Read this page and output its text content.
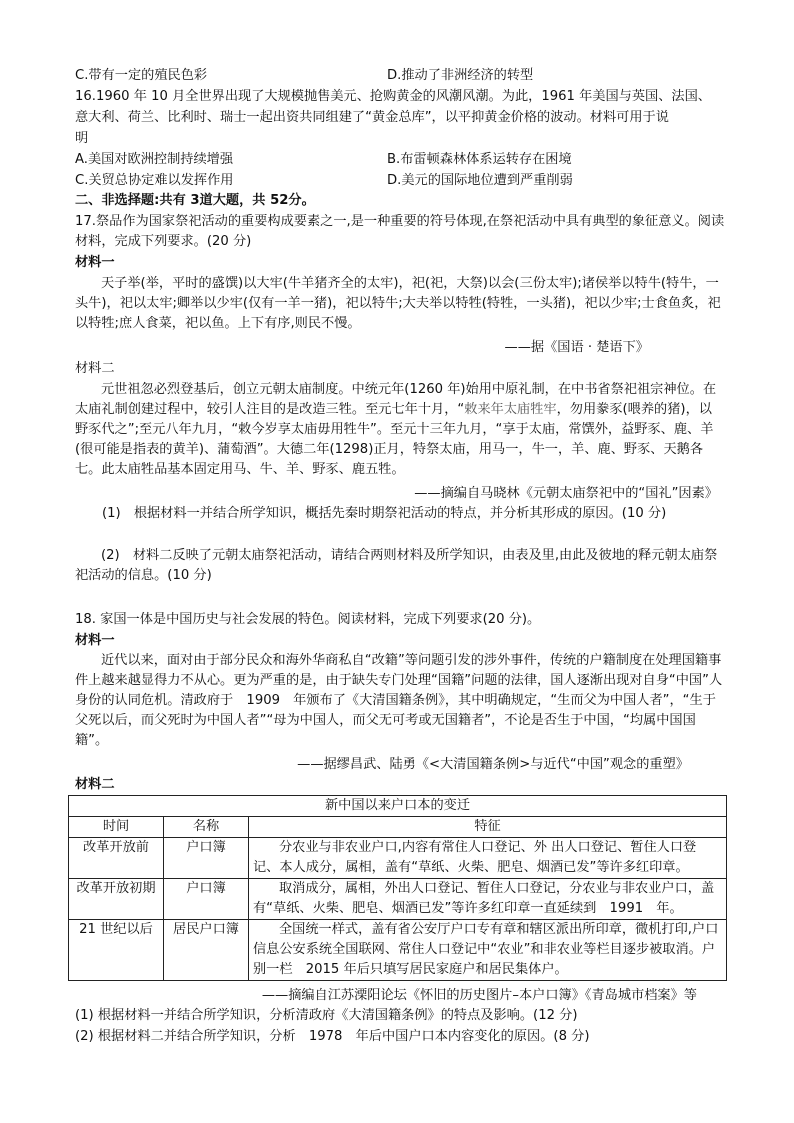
C.带有一定的殖民色彩	D.推动了非洲经济的转型
16.1960 年 10 月全世界出现了大规模抛售美元、抢购黄金的风潮风潮。为此，1961 年美国与英国、法国、
意大利、荷兰、比利时、瑞士一起出资共同组建了“黄金总库”，以平抑黄金价格的波动。材料可用于说
明
A.美国对欧洲控制持续增强	B.布雷顿森林体系运转存在困境
C.关贸总协定难以发挥作用	D.美元的国际地位遭到严重削弱
二、非选择题:共有 3道大题，共 52分。
17.祭品作为国家祭祀活动的重要构成要素之一,是一种重要的符号体现,在祭祀活动中具有典型的象征意义。阅读材料，完成下列要求。(20 分)
材料一
天子举(举，平时的盛馔)以大牢(牛羊猪齐全的太牢)，祀(祀，大祭)以会(三份太牢);诸侯举以特牛(特牛，一头牛)，祀以太牢;卿举以少牢(仅有一羊一猪)，祀以特牛;大夫举以特牲(特牲，一头猪)，祀以少牢;士食鱼炙，祀以特牲;庶人食菜，祀以鱼。上下有序,则民不慢。
——据《国语 · 楚语下》
材料二
元世祖忽必烈登基后，创立元朝太庙制度。中统元年(1260 年)始用中原礼制，在中书省祭祀祖宗神位。在太庙礼制创建过程中，较引人注目的是改造三牲。至元七年十月，“敕来年太庙牲牢，勿用豢豕(喂养的猪)，以野豕代之”;至元八年九月，“敕今岁享太庙毋用牲牛”。至元十三年九月，“享于太庙，常馔外，益野豕、鹿、羊(很可能是指表的黄羊)、蒲萄酒”。大德二年(1298)正月，特祭太庙，用马一，牛一，羊、鹿、野豕、天鹅各七。此太庙牲品基本固定用马、牛、羊、野豕、鹿五牲。
——摘编自马晓林《元朝太庙祭祀中的“国礼”因素》
(1)　根据材料一并结合所学知识，概括先秦时期祭祀活动的特点，并分析其形成的原因。(10 分)
(2)　材料二反映了元朝太庙祭祀活动，请结合两则材料及所学知识，由表及里,由此及彼地的释元朝太庙祭祀活动的信息。(10 分)
18. 家国一体是中国历史与社会发展的特色。阅读材料，完成下列要求(20 分)。
材料一
近代以来，面对由于部分民众和海外华商私自“改籍”等问题引发的涉外事件，传统的户籍制度在处理国籍事件上越来越显得力不从心。更为严重的是，由于缺失专门处理“国籍”问题的法律，国人逐渐出现对自身“中国”人身份的认同危机。清政府于　1909　年颁布了《大清国籍条例》，其中明确规定，“生而父为中国人者”，“生于父死以后，而父死时为中国人者”“母为中国人，而父无可考或无国籍者”，不论是否生于中国，“均属中国国籍”。
——据缪昌武、陆勇《<大清国籍条例>与近代“中国”观念的重塑》
材料二
新中国以来户口本的变迁		
时间	名称	特征
改革开放前	户口簿	分农业与非农业户口,内容有常住人口登记、外 出人口登记、暂住人口登记、本人成分，属相，盖有“草纸、火柴、肥皂、烟酒已发”等许多红印章。
改革开放初期	户口簿	取消成分，属相，外出人口登记、暂住人口登记，分农业与非农业户口，盖有“草纸、火柴、肥皂、烟酒已发”等许多红印章一直延续到　1991　年。
21 世纪以后	居民户口簿	全国统一样式，盖有省公安厅户口专有章和辖区派出所印章，微机打印,户口信息公安系统全国联网、常住人口登记中“农业”和非农业等栏目逐步被取消。户别一栏　2015 年后只填写居民家庭户和居民集体户。
——摘编自江苏溧阳论坛《怀旧的历史图片–本户口簿》《青岛城市档案》等
(1) 根据材料一并结合所学知识，分析清政府《大清国籍条例》的特点及影响。(12 分)
(2) 根据材料二并结合所学知识，分析　1978　年后中国户口本内容变化的原因。(8 分)
